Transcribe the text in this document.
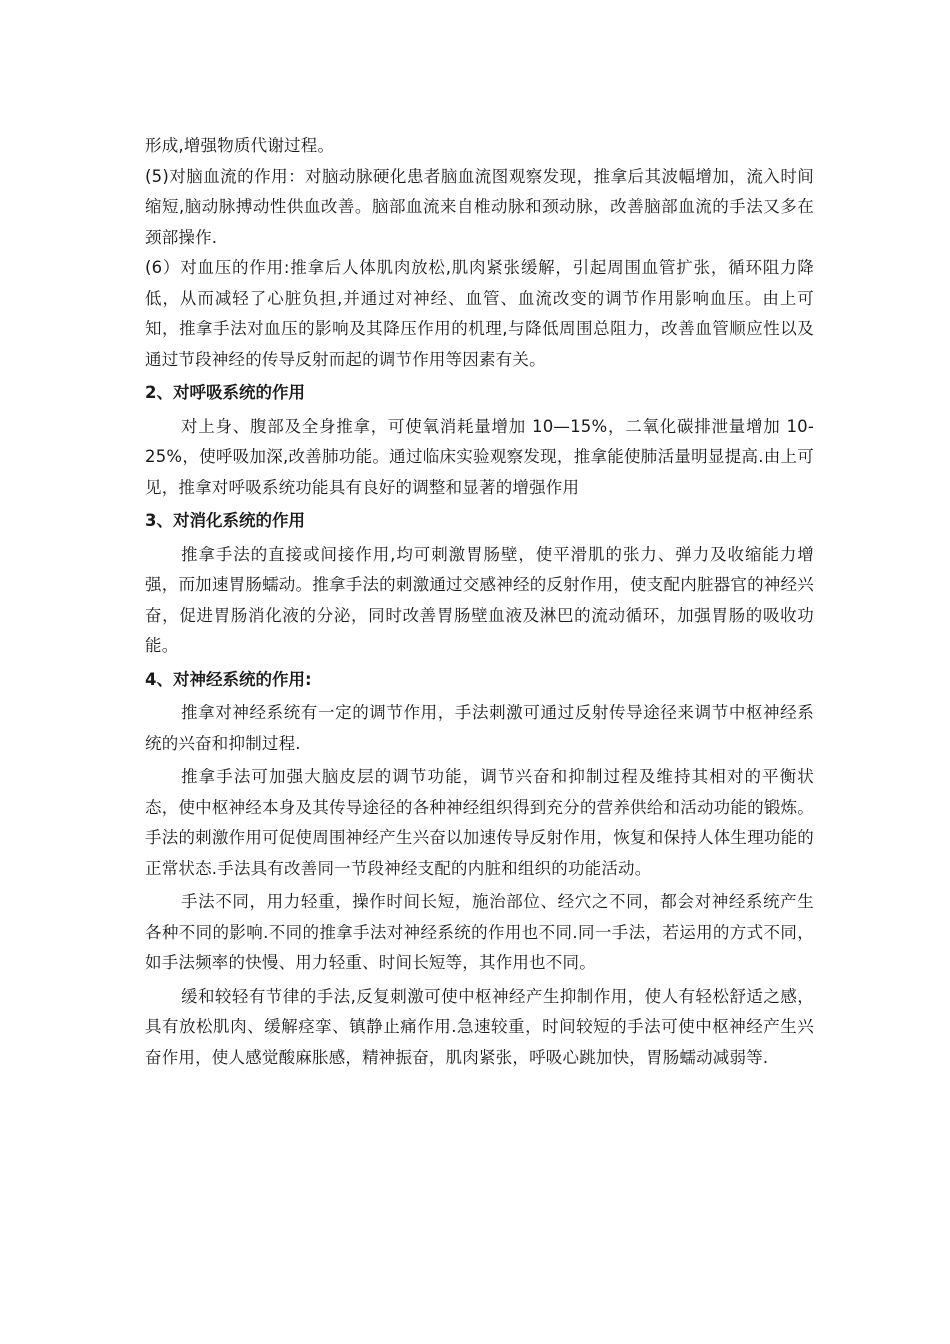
形成,增强物质代谢过程。

(5)对脑血流的作用：对脑动脉硬化患者脑血流图观察发现，推拿后其波幅增加，流入时间缩短,脑动脉搏动性供血改善。脑部血流来自椎动脉和颈动脉，改善脑部血流的手法又多在颈部操作.

(6）对血压的作用:推拿后人体肌肉放松,肌肉紧张缓解，引起周围血管扩张，循环阻力降低，从而减轻了心脏负担,并通过对神经、血管、血流改变的调节作用影响血压。由上可知，推拿手法对血压的影响及其降压作用的机理,与降低周围总阻力，改善血管顺应性以及通过节段神经的传导反射而起的调节作用等因素有关。

2、对呼吸系统的作用

对上身、腹部及全身推拿，可使氧消耗量增加 10—15%，二氧化碳排泄量增加 10-25%，使呼吸加深,改善肺功能。通过临床实验观察发现，推拿能使肺活量明显提高.由上可见，推拿对呼吸系统功能具有良好的调整和显著的增强作用

3、对消化系统的作用

推拿手法的直接或间接作用,均可刺激胃肠壁，使平滑肌的张力、弹力及收缩能力增强，而加速胃肠蠕动。推拿手法的刺激通过交感神经的反射作用，使支配内脏器官的神经兴奋，促进胃肠消化液的分泌，同时改善胃肠壁血液及淋巴的流动循环，加强胃肠的吸收功能。

4、对神经系统的作用:

推拿对神经系统有一定的调节作用，手法刺激可通过反射传导途径来调节中枢神经系统的兴奋和抑制过程.

推拿手法可加强大脑皮层的调节功能，调节兴奋和抑制过程及维持其相对的平衡状态，使中枢神经本身及其传导途径的各种神经组织得到充分的营养供给和活动功能的锻炼。手法的刺激作用可促使周围神经产生兴奋以加速传导反射作用，恢复和保持人体生理功能的正常状态.手法具有改善同一节段神经支配的内脏和组织的功能活动。

手法不同，用力轻重，操作时间长短，施治部位、经穴之不同，都会对神经系统产生各种不同的影响.不同的推拿手法对神经系统的作用也不同.同一手法，若运用的方式不同，如手法频率的快慢、用力轻重、时间长短等，其作用也不同。

缓和较轻有节律的手法,反复刺激可使中枢神经产生抑制作用，使人有轻松舒适之感，具有放松肌肉、缓解痉挛、镇静止痛作用.急速较重，时间较短的手法可使中枢神经产生兴奋作用，使人感觉酸麻胀感，精神振奋，肌肉紧张，呼吸心跳加快，胃肠蠕动减弱等.
